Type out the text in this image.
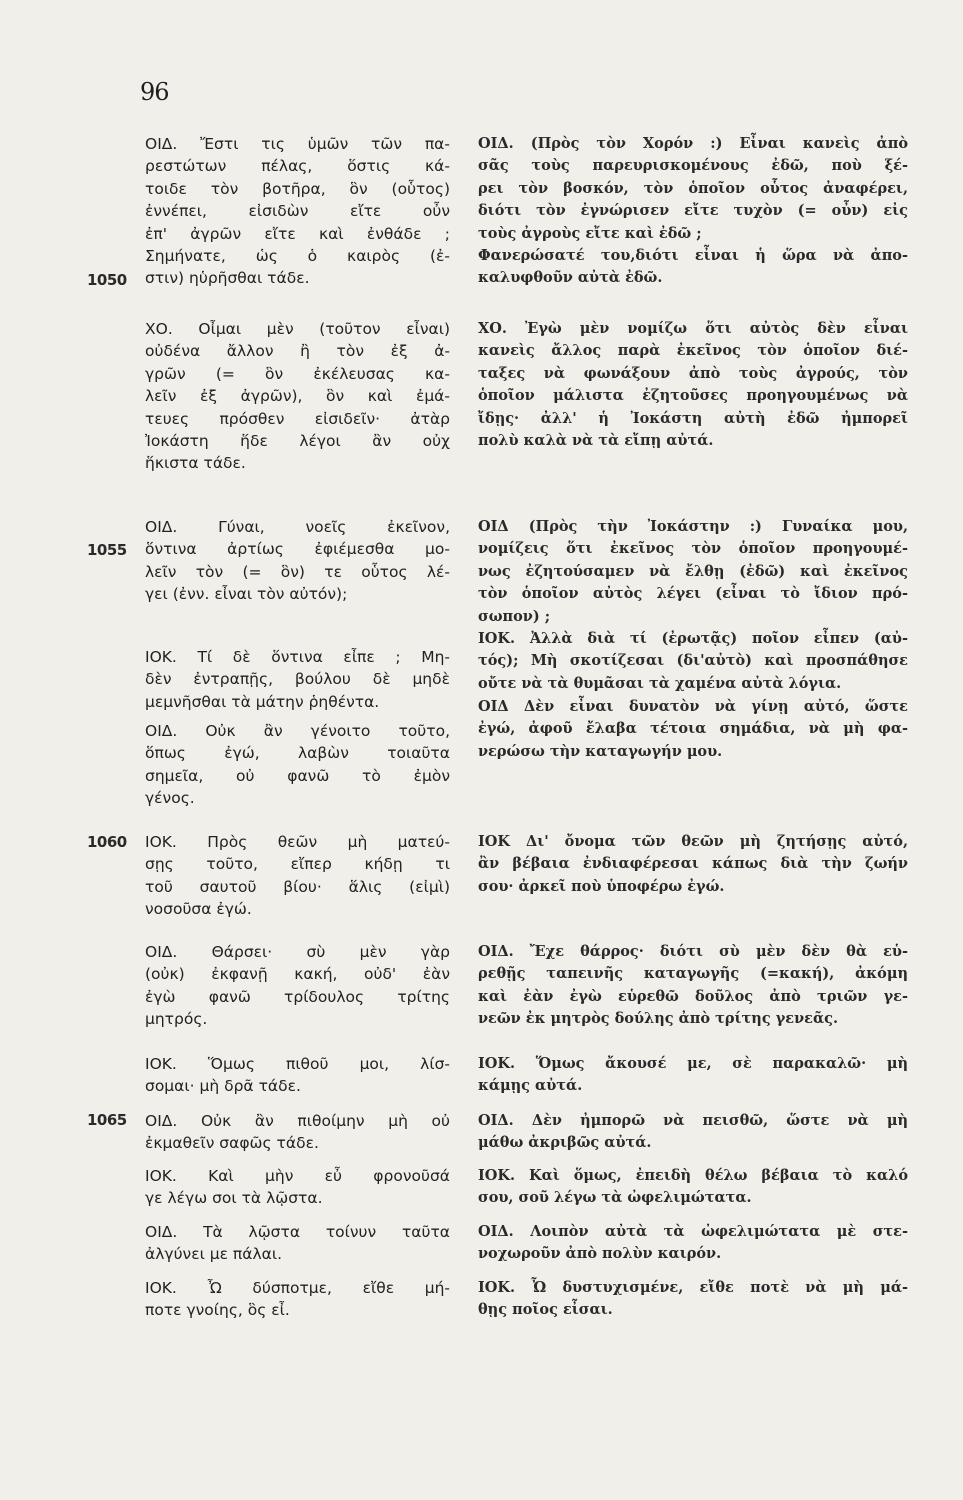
96
ΟΙΔ. Ἔστι τις ὑμῶν τῶν πα-
ρεστώτων πέλας, ὅστις κά-
τοιδε τὸν βοτῆρα, ὃν (οὗτος)
ἐννέπει, εἰσιδὼν εἴτε οὖν
ἐπ' ἀγρῶν εἴτε καὶ ἐνθάδε ;
Σημήνατε, ὡς ὁ καιρὸς (ἐ-
στιν) ηὑρῆσθαι τάδε.
ΧΟ. Οἶμαι μὲν (τοῦτον εἶναι)
οὐδένα ἄλλον ἢ τὸν ἐξ ἀ-
γρῶν (= ὃν ἐκέλευσας κα-
λεῖν ἐξ ἀγρῶν), ὃν καὶ ἐμά-
τευες πρόσθεν εἰσιδεῖν· ἀτὰρ
Ἰοκάστη ἥδε λέγοι ἂν οὐχ
ἥκιστα τάδε.
ΟΙΔ. Γύναι, νοεῖς ἐκεῖνον,
ὅντινα ἀρτίως ἐφιέμεσθα μο-
λεῖν τὸν (= ὃν) τε οὗτος λέ-
γει (ἐνν. εἶναι τὸν αὐτόν);
ΙΟΚ. Τί δὲ ὅντινα εἶπε ; Μη-
δὲν ἐντραπῇς, βούλου δὲ μηδὲ
μεμνῆσθαι τὰ μάτην ῥηθέντα.
ΟΙΔ. Οὐκ ἂν γένοιτο τοῦτο,
ὅπως ἐγώ, λαβὼν τοιαῦτα
σημεῖα, οὐ φανῶ τὸ ἐμὸν
γένος.
ΙΟΚ. Πρὸς θεῶν μὴ ματεύ-
σῃς τοῦτο, εἴπερ κήδῃ τι
τοῦ σαυτοῦ βίου· ἅλις (εἰμὶ)
νοσοῦσα ἐγώ.
ΟΙΔ. Θάρσει· σὺ μὲν γὰρ
(οὐκ) ἐκφανῇ κακή, οὐδ' ἐὰν
ἐγὼ φανῶ τρίδουλος τρίτης
μητρός.
ΙΟΚ. Ὅμως πιθοῦ μοι, λίσ-
σομαι· μὴ δρᾶ τάδε.
ΟΙΔ. Οὐκ ἂν πιθοίμην μὴ οὐ
ἐκμαθεῖν σαφῶς τάδε.
ΙΟΚ. Καὶ μὴν εὖ φρονοῦσά
γε λέγω σοι τὰ λῷστα.
ΟΙΔ. Τὰ λῷστα τοίνυν ταῦτα
ἀλγύνει με πάλαι.
ΙΟΚ. Ὦ δύσποτμε, εἴθε μή-
ποτε γνοίης, ὃς εἶ.
1050
1055
1060
1065
ΟΙΔ. (Πρὸς τὸν Χορόν :) Εἶναι κανεὶς ἀπὸ
σᾶς τοὺς παρευρισκομένους ἐδῶ, ποὺ ξέ-
ρει τὸν βοσκόν, τὸν ὁποῖον οὗτος ἀναφέρει,
διότι τὸν ἐγνώρισεν εἴτε τυχὸν (= οὖν) εἰς
τοὺς ἀγροὺς εἴτε καὶ ἐδῶ ;
Φανερώσατέ του,διότι εἶναι ἡ ὥρα νὰ ἀπο-
καλυφθοῦν αὐτὰ ἐδῶ.
ΧΟ. Ἐγὼ μὲν νομίζω ὅτι αὐτὸς δὲν εἶναι
κανεὶς ἄλλος παρὰ ἐκεῖνος τὸν ὁποῖον διέ-
ταξες νὰ φωνάξουν ἀπὸ τοὺς ἀγρούς, τὸν
ὁποῖον μάλιστα ἐζητοῦσες προηγουμένως νὰ
ἴδῃς· ἀλλ' ἡ Ἰοκάστη αὐτὴ ἐδῶ ἠμπορεῖ
πολὺ καλὰ νὰ τὰ εἴπῃ αὐτά.
ΟΙΔ (Πρὸς τὴν Ἰοκάστην :) Γυναίκα μου,
νομίζεις ὅτι ἐκεῖνος τὸν ὁποῖον προηγουμέ-
νως ἐζητούσαμεν νὰ ἔλθῃ (ἐδῶ) καὶ ἐκεῖνος
τὸν ὁποῖον αὐτὸς λέγει (εἶναι τὸ ἴδιον πρό-
σωπον) ;
ΙΟΚ. Ἀλλὰ διὰ τί (ἐρωτᾷς) ποῖον εἶπεν (αὐ-
τός); Μὴ σκοτίζεσαι (δι'αὐτὸ) καὶ προσπάθησε
οὔτε νὰ τὰ θυμᾶσαι τὰ χαμένα αὐτὰ λόγια.
ΟΙΔ Δὲν εἶναι δυνατὸν νὰ γίνῃ αὐτό, ὥστε
ἐγώ, ἀφοῦ ἔλαβα τέτοια σημάδια, νὰ μὴ φα-
νερώσω τὴν καταγωγήν μου.
ΙΟΚ Δι' ὄνομα τῶν θεῶν μὴ ζητήσῃς αὐτό,
ἂν βέβαια ἐνδιαφέρεσαι κάπως διὰ τὴν ζωήν
σου· ἀρκεῖ ποὺ ὑποφέρω ἐγώ.
ΟΙΔ. Ἔχε θάρρος· διότι σὺ μὲν δὲν θὰ εὑ-
ρεθῇς ταπεινῆς καταγωγῆς (=κακή), ἀκόμη
καὶ ἐὰν ἐγὼ εὑρεθῶ δοῦλος ἀπὸ τριῶν γε-
νεῶν ἐκ μητρὸς δούλης ἀπὸ τρίτης γενεᾶς.
ΙΟΚ. Ὅμως ἄκουσέ με, σὲ παρακαλῶ· μὴ
κάμῃς αὐτά.
ΟΙΔ. Δὲν ἠμπορῶ νὰ πεισθῶ, ὥστε νὰ μὴ
μάθω ἀκριβῶς αὐτά.
ΙΟΚ. Καὶ ὅμως, ἐπειδὴ θέλω βέβαια τὸ καλό
σου, σοῦ λέγω τὰ ὠφελιμώτατα.
ΟΙΔ. Λοιπὸν αὐτὰ τὰ ὠφελιμώτατα μὲ στε-
νοχωροῦν ἀπὸ πολὺν καιρόν.
ΙΟΚ. Ὦ δυστυχισμένε, εἴθε ποτὲ νὰ μὴ μά-
θῃς ποῖος εἶσαι.
